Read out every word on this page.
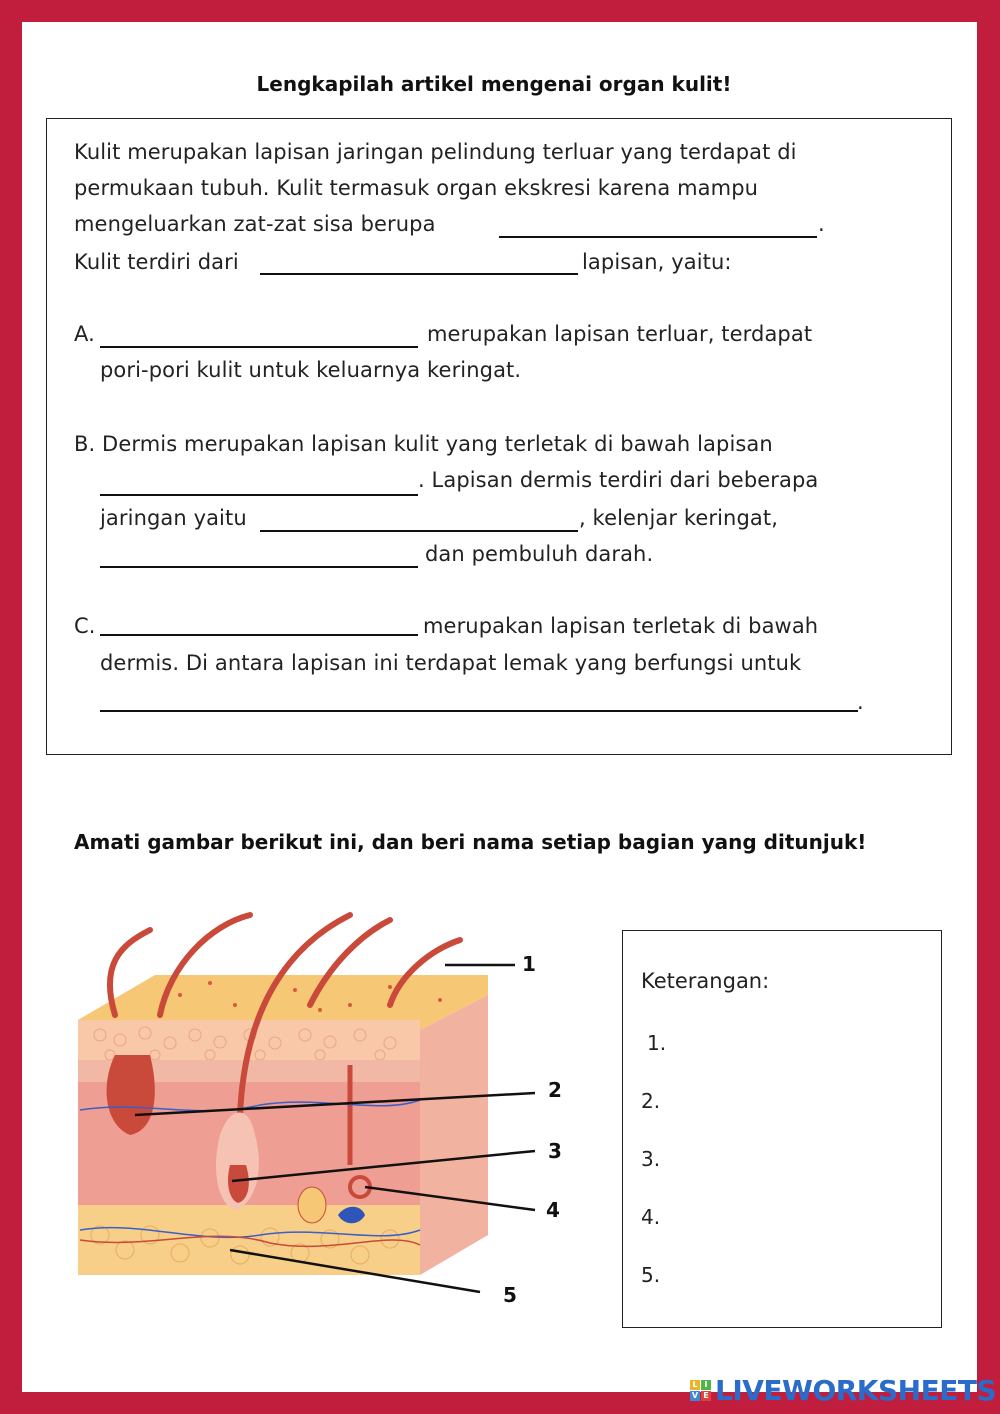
Lengkapilah artikel mengenai organ kulit!
Kulit merupakan lapisan jaringan pelindung terluar yang terdapat di
permukaan tubuh. Kulit termasuk organ ekskresi karena mampu
mengeluarkan zat-zat sisa berupa	.
Kulit terdiri dari	lapisan, yaitu:
A.	merupakan lapisan terluar, terdapat
pori-pori kulit untuk keluarnya keringat.
B. Dermis merupakan lapisan kulit yang terletak di bawah lapisan
. Lapisan dermis terdiri dari beberapa
jaringan yaitu	, kelenjar keringat,
dan pembuluh darah.
C.	merupakan lapisan terletak di bawah
dermis. Di antara lapisan ini terdapat lemak yang berfungsi untuk
.
Amati gambar berikut ini, dan beri nama setiap bagian yang ditunjuk!
1
2
3
4
5
Keterangan:
1.
2.
3.
4.
5.
L I
V E LIVEWORKSHEETS
